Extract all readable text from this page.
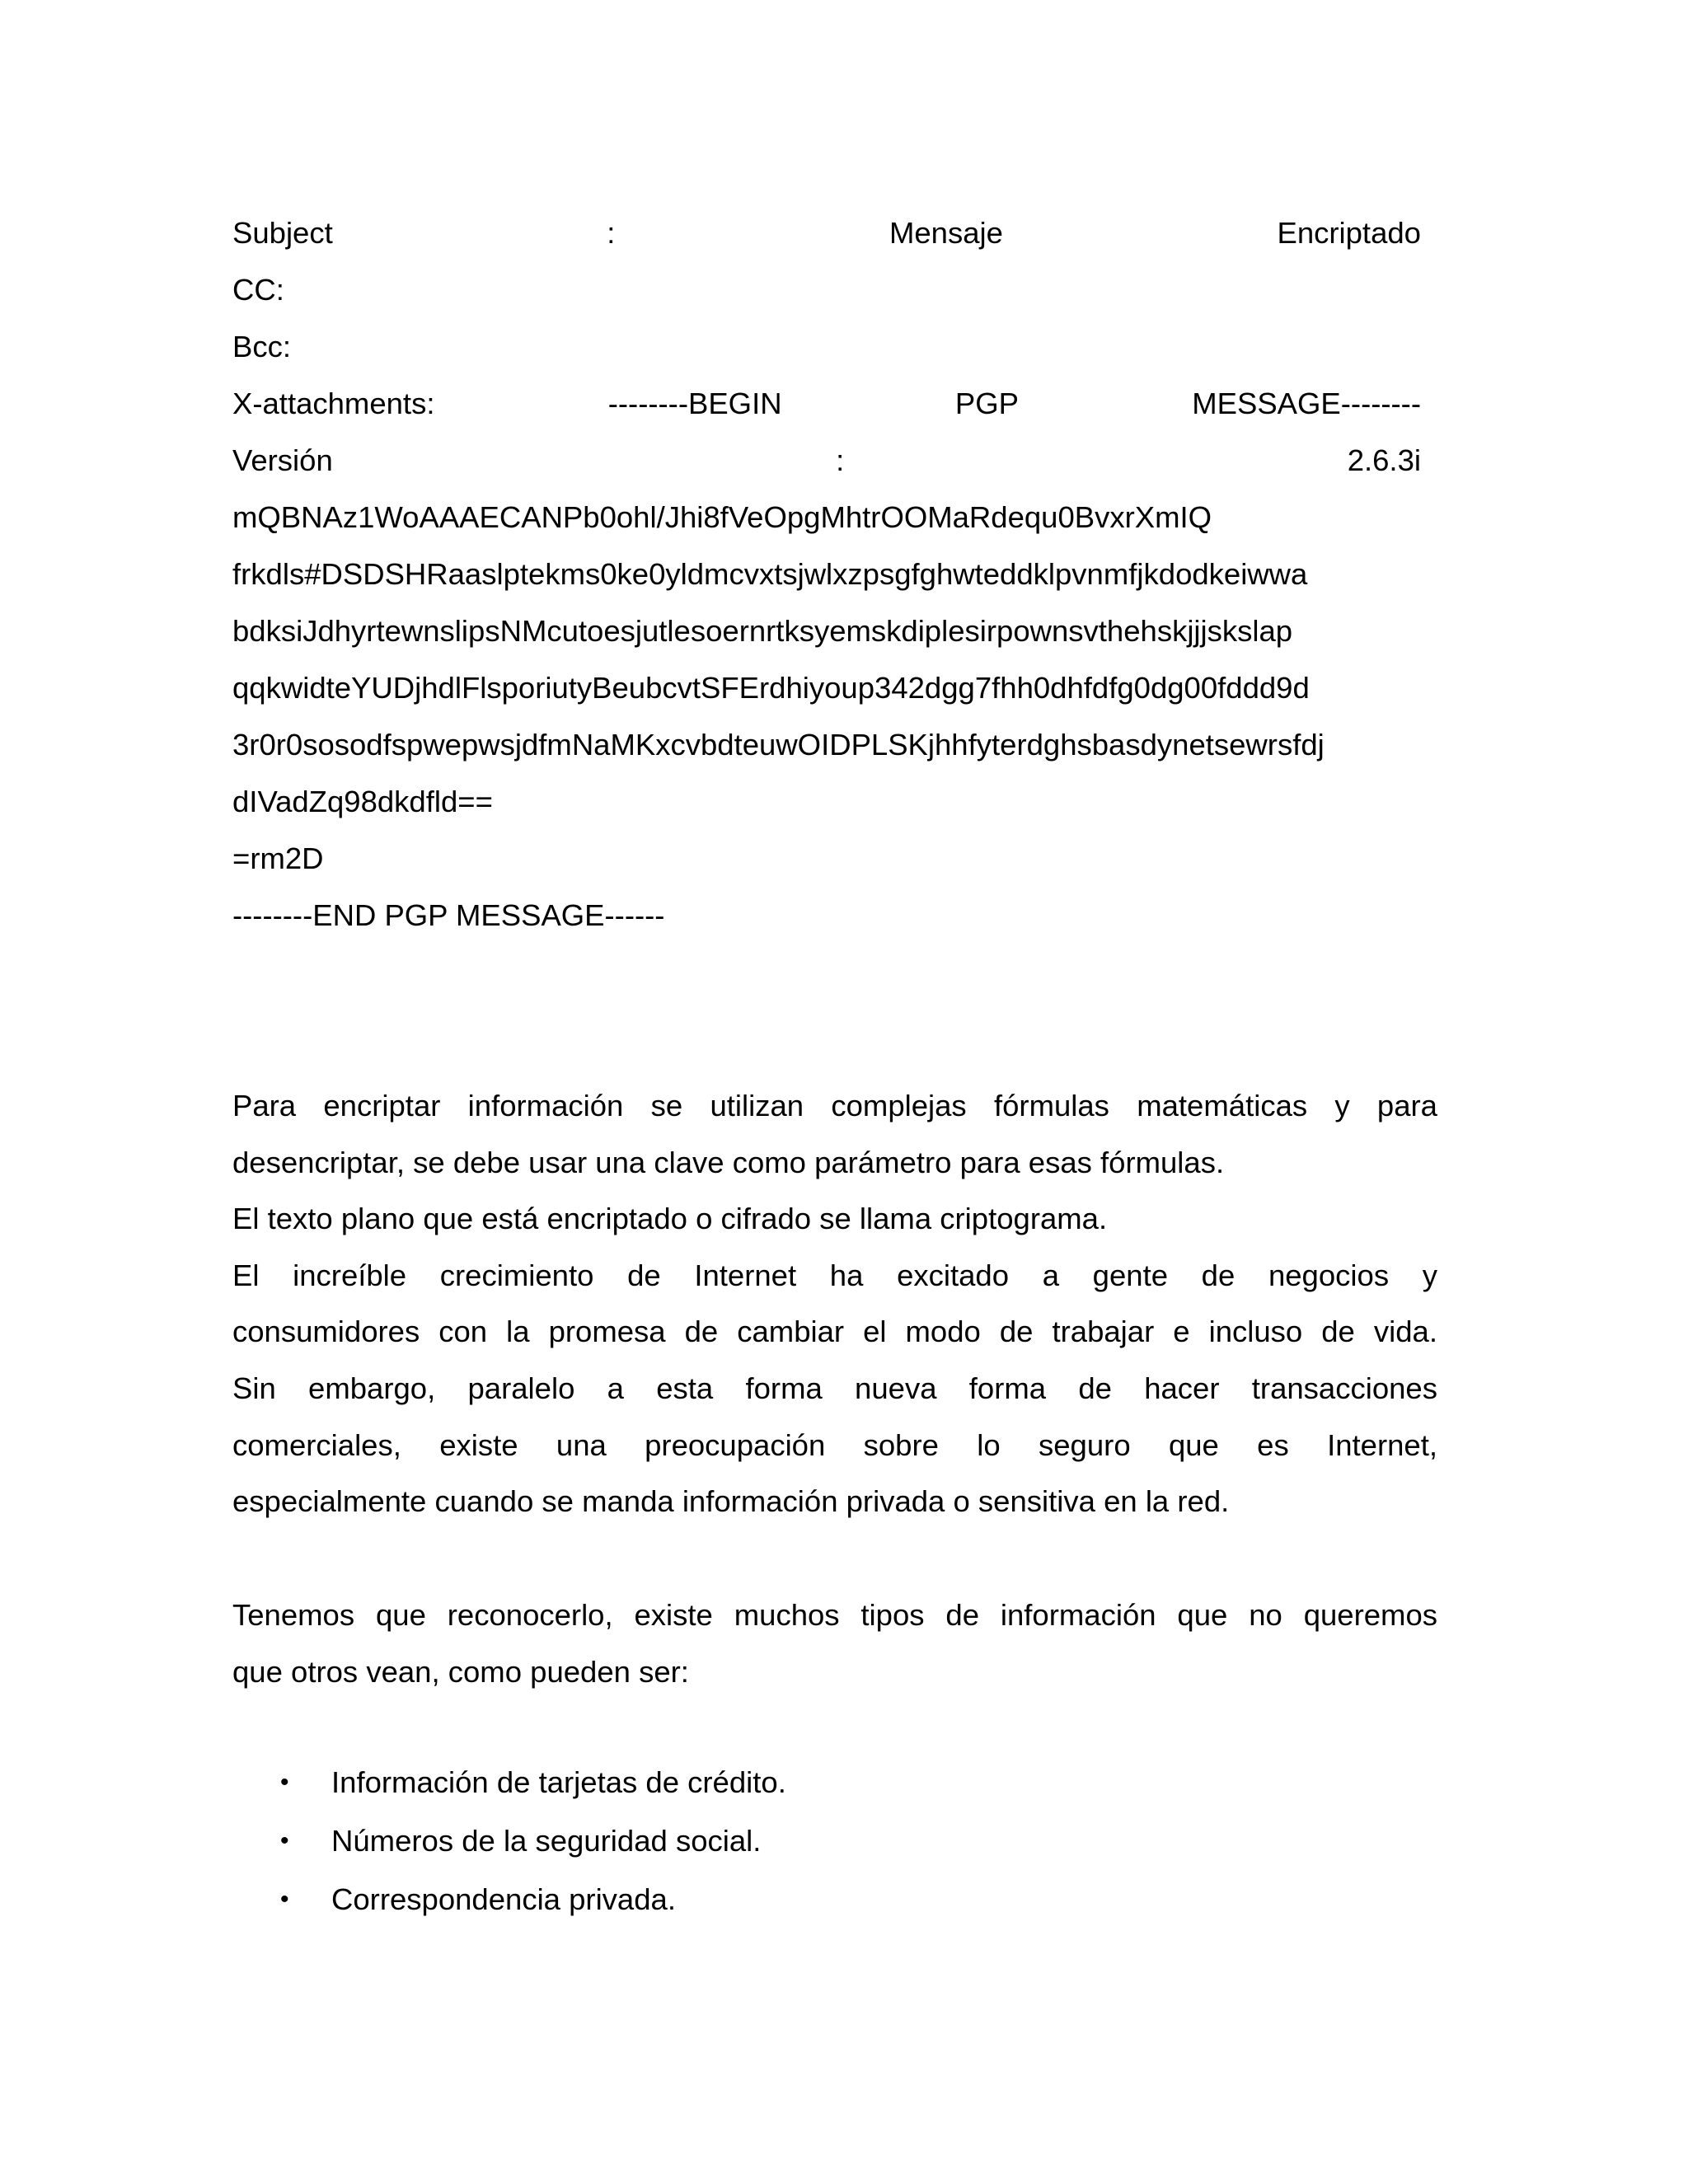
Subject	:	Mensaje	Encriptado
CC:
Bcc:
X-attachments:	--------BEGIN	PGP	MESSAGE--------
Versión	:	2.6.3i
mQBNAz1WoAAAECANPb0ohl/Jhi8fVeOpgMhtrOOMaRdequ0BvxrXmIQ
frkdls#DSDSHRaaslptekms0ke0yldmcvxtsjwlxzpsgfghwteddklpvnmfjkdodkeiwwa
bdksiJdhyrtewnslipsNMcutoesjutlesoernrtksyemskdiplesirpownsvthehskjjjskslap
qqkwidteYUDjhdlFlsporiutyBeubcvtSFErdhiyoup342dgg7fhh0dhfdfg0dg00fddd9d
3r0r0sosodfspwepwsjdfmNaMKxcvbdteuwOIDPLSKjhhfyterdghsbasdynetsewrsfdj
dIVadZq98dkdfld==
=rm2D
--------END PGP MESSAGE------
Para encriptar información se utilizan complejas fórmulas matemáticas y para
desencriptar, se debe usar una clave como parámetro para esas fórmulas.
El texto plano que está encriptado o cifrado se llama criptograma.
El increíble crecimiento de Internet ha excitado a gente de negocios y
consumidores con la promesa de cambiar el modo de trabajar e incluso de vida.
Sin embargo, paralelo a esta forma nueva forma de hacer transacciones
comerciales, existe una preocupación sobre lo seguro que es Internet,
especialmente cuando se manda información privada o sensitiva en la red.
Tenemos que reconocerlo, existe muchos tipos de información que no queremos
que otros vean, como pueden ser:
• Información de tarjetas de crédito.
• Números de la seguridad social.
• Correspondencia privada.
